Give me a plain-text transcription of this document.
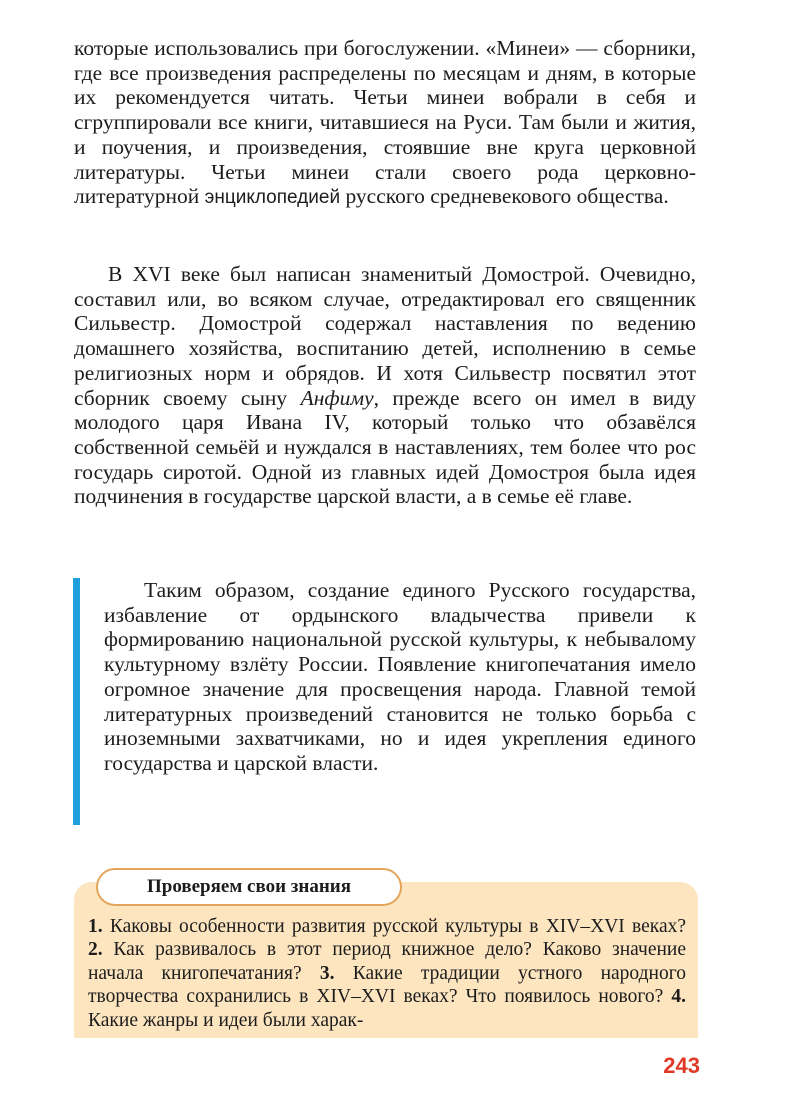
которые использовались при богослужении. «Минеи» — сборники, где все произведения распределены по месяцам и дням, в которые их рекомендуется читать. Четьи минеи вобрали в себя и сгруппировали все книги, читавшиеся на Руси. Там были и жития, и поучения, и произведения, стоявшие вне круга церковной литературы. Четьи минеи стали своего рода церковно-литературной энциклопедией русского средневекового общества.

В XVI веке был написан знаменитый Домострой. Очевидно, составил или, во всяком случае, отредактировал его священник Сильвестр. Домострой содержал наставления по ведению домашнего хозяйства, воспитанию детей, исполнению в семье религиозных норм и обрядов. И хотя Сильвестр посвятил этот сборник своему сыну Анфиму, прежде всего он имел в виду молодого царя Ивана IV, который только что обзавёлся собственной семьёй и нуждался в наставлениях, тем более что рос государь сиротой. Одной из главных идей Домостроя была идея подчинения в государстве царской власти, а в семье её главе.

Таким образом, создание единого Русского государства, избавление от ордынского владычества привели к формированию национальной русской культуры, к небывалому культурному взлёту России. Появление книгопечатания имело огромное значение для просвещения народа. Главной темой литературных произведений становится не только борьба с иноземными захватчиками, но и идея укрепления единого государства и царской власти.

Проверяем свои знания

1. Каковы особенности развития русской культуры в XIV–XVI веках? 2. Как развивалось в этот период книжное дело? Каково значение начала книгопечатания? 3. Какие традиции устного народного творчества сохранились в XIV–XVI веках? Что появилось нового? 4. Какие жанры и идеи были харак-

243
